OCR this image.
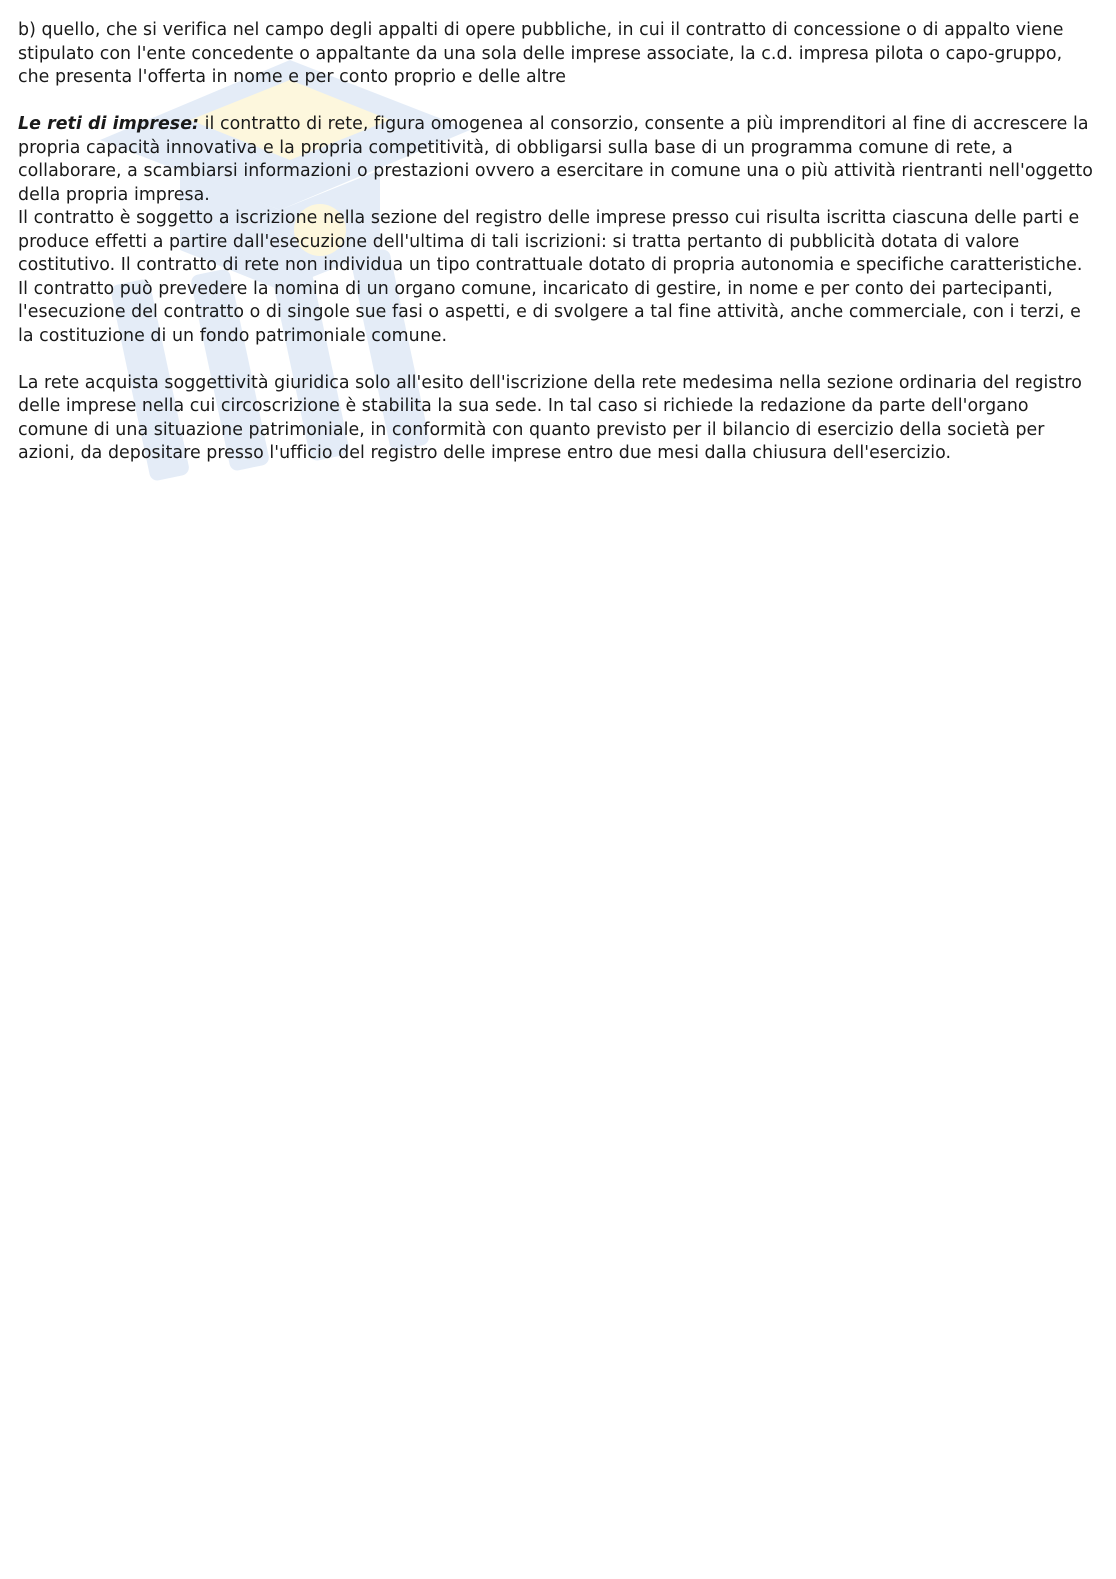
b) quello, che si verifica nel campo degli appalti di opere pubbliche, in cui il contratto di concessione o di appalto viene stipulato con l'ente concedente o appaltante da una sola delle imprese associate, la c.d. impresa pilota o capo-gruppo, che presenta l'offerta in nome e per conto proprio e delle altre

Le reti di imprese: il contratto di rete, figura omogenea al consorzio, consente a più imprenditori al fine di accrescere la propria capacità innovativa e la propria competitività, di obbligarsi sulla base di un programma comune di rete, a collaborare, a scambiarsi informazioni o prestazioni ovvero a esercitare in comune una o più attività rientranti nell'oggetto della propria impresa.

Il contratto è soggetto a iscrizione nella sezione del registro delle imprese presso cui risulta iscritta ciascuna delle parti e produce effetti a partire dall'esecuzione dell'ultima di tali iscrizioni: si tratta pertanto di pubblicità dotata di valore costitutivo. Il contratto di rete non individua un tipo contrattuale dotato di propria autonomia e specifiche caratteristiche. Il contratto può prevedere la nomina di un organo comune, incaricato di gestire, in nome e per conto dei partecipanti, l'esecuzione del contratto o di singole sue fasi o aspetti, e di svolgere a tal fine attività, anche commerciale, con i terzi, e la costituzione di un fondo patrimoniale comune.

La rete acquista soggettività giuridica solo all'esito dell'iscrizione della rete medesima nella sezione ordinaria del registro delle imprese nella cui circoscrizione è stabilita la sua sede. In tal caso si richiede la redazione da parte dell'organo comune di una situazione patrimoniale, in conformità con quanto previsto per il bilancio di esercizio della società per azioni, da depositare presso l'ufficio del registro delle imprese entro due mesi dalla chiusura dell'esercizio.
